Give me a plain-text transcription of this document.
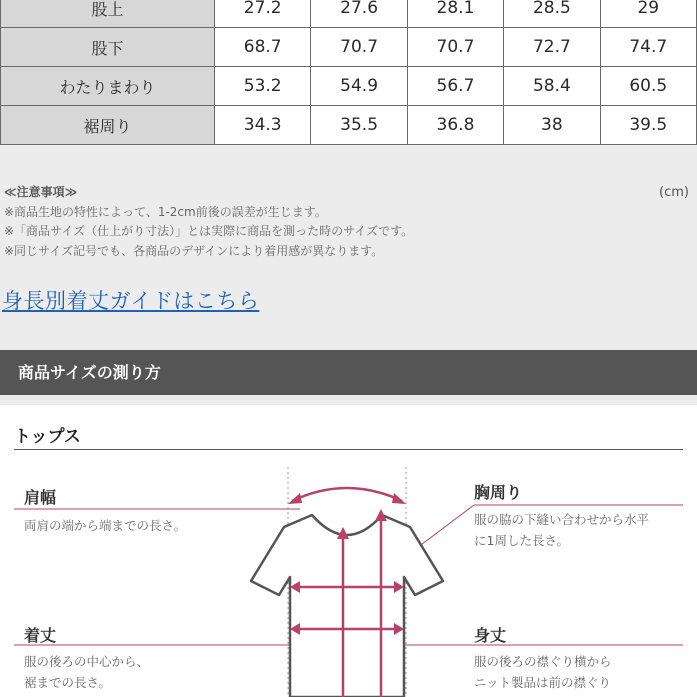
股上	27.2	27.6	28.1	28.5	29
股下	68.7	70.7	70.7	72.7	74.7
わたりまわり	53.2	54.9	56.7	58.4	60.5
裾周り	34.3	35.5	36.8	38	39.5
≪注意事項≫
※商品生地の特性によって、1-2cm前後の誤差が生じます。
※「商品サイズ（仕上がり寸法）」とは実際に商品を測った時のサイズです。
※同じサイズ記号でも、各商品のデザインにより着用感が異なります。
(cm)
身長別着丈ガイドはこちら
商品サイズの測り方
トップス
肩幅
両肩の端から端までの長さ。
胸周り
服の脇の下縫い合わせから水平
に1周した長さ。
着丈
服の後ろの中心から、
裾までの長さ。
身丈
服の後ろの襟ぐり横から
ニット製品は前の襟ぐり
